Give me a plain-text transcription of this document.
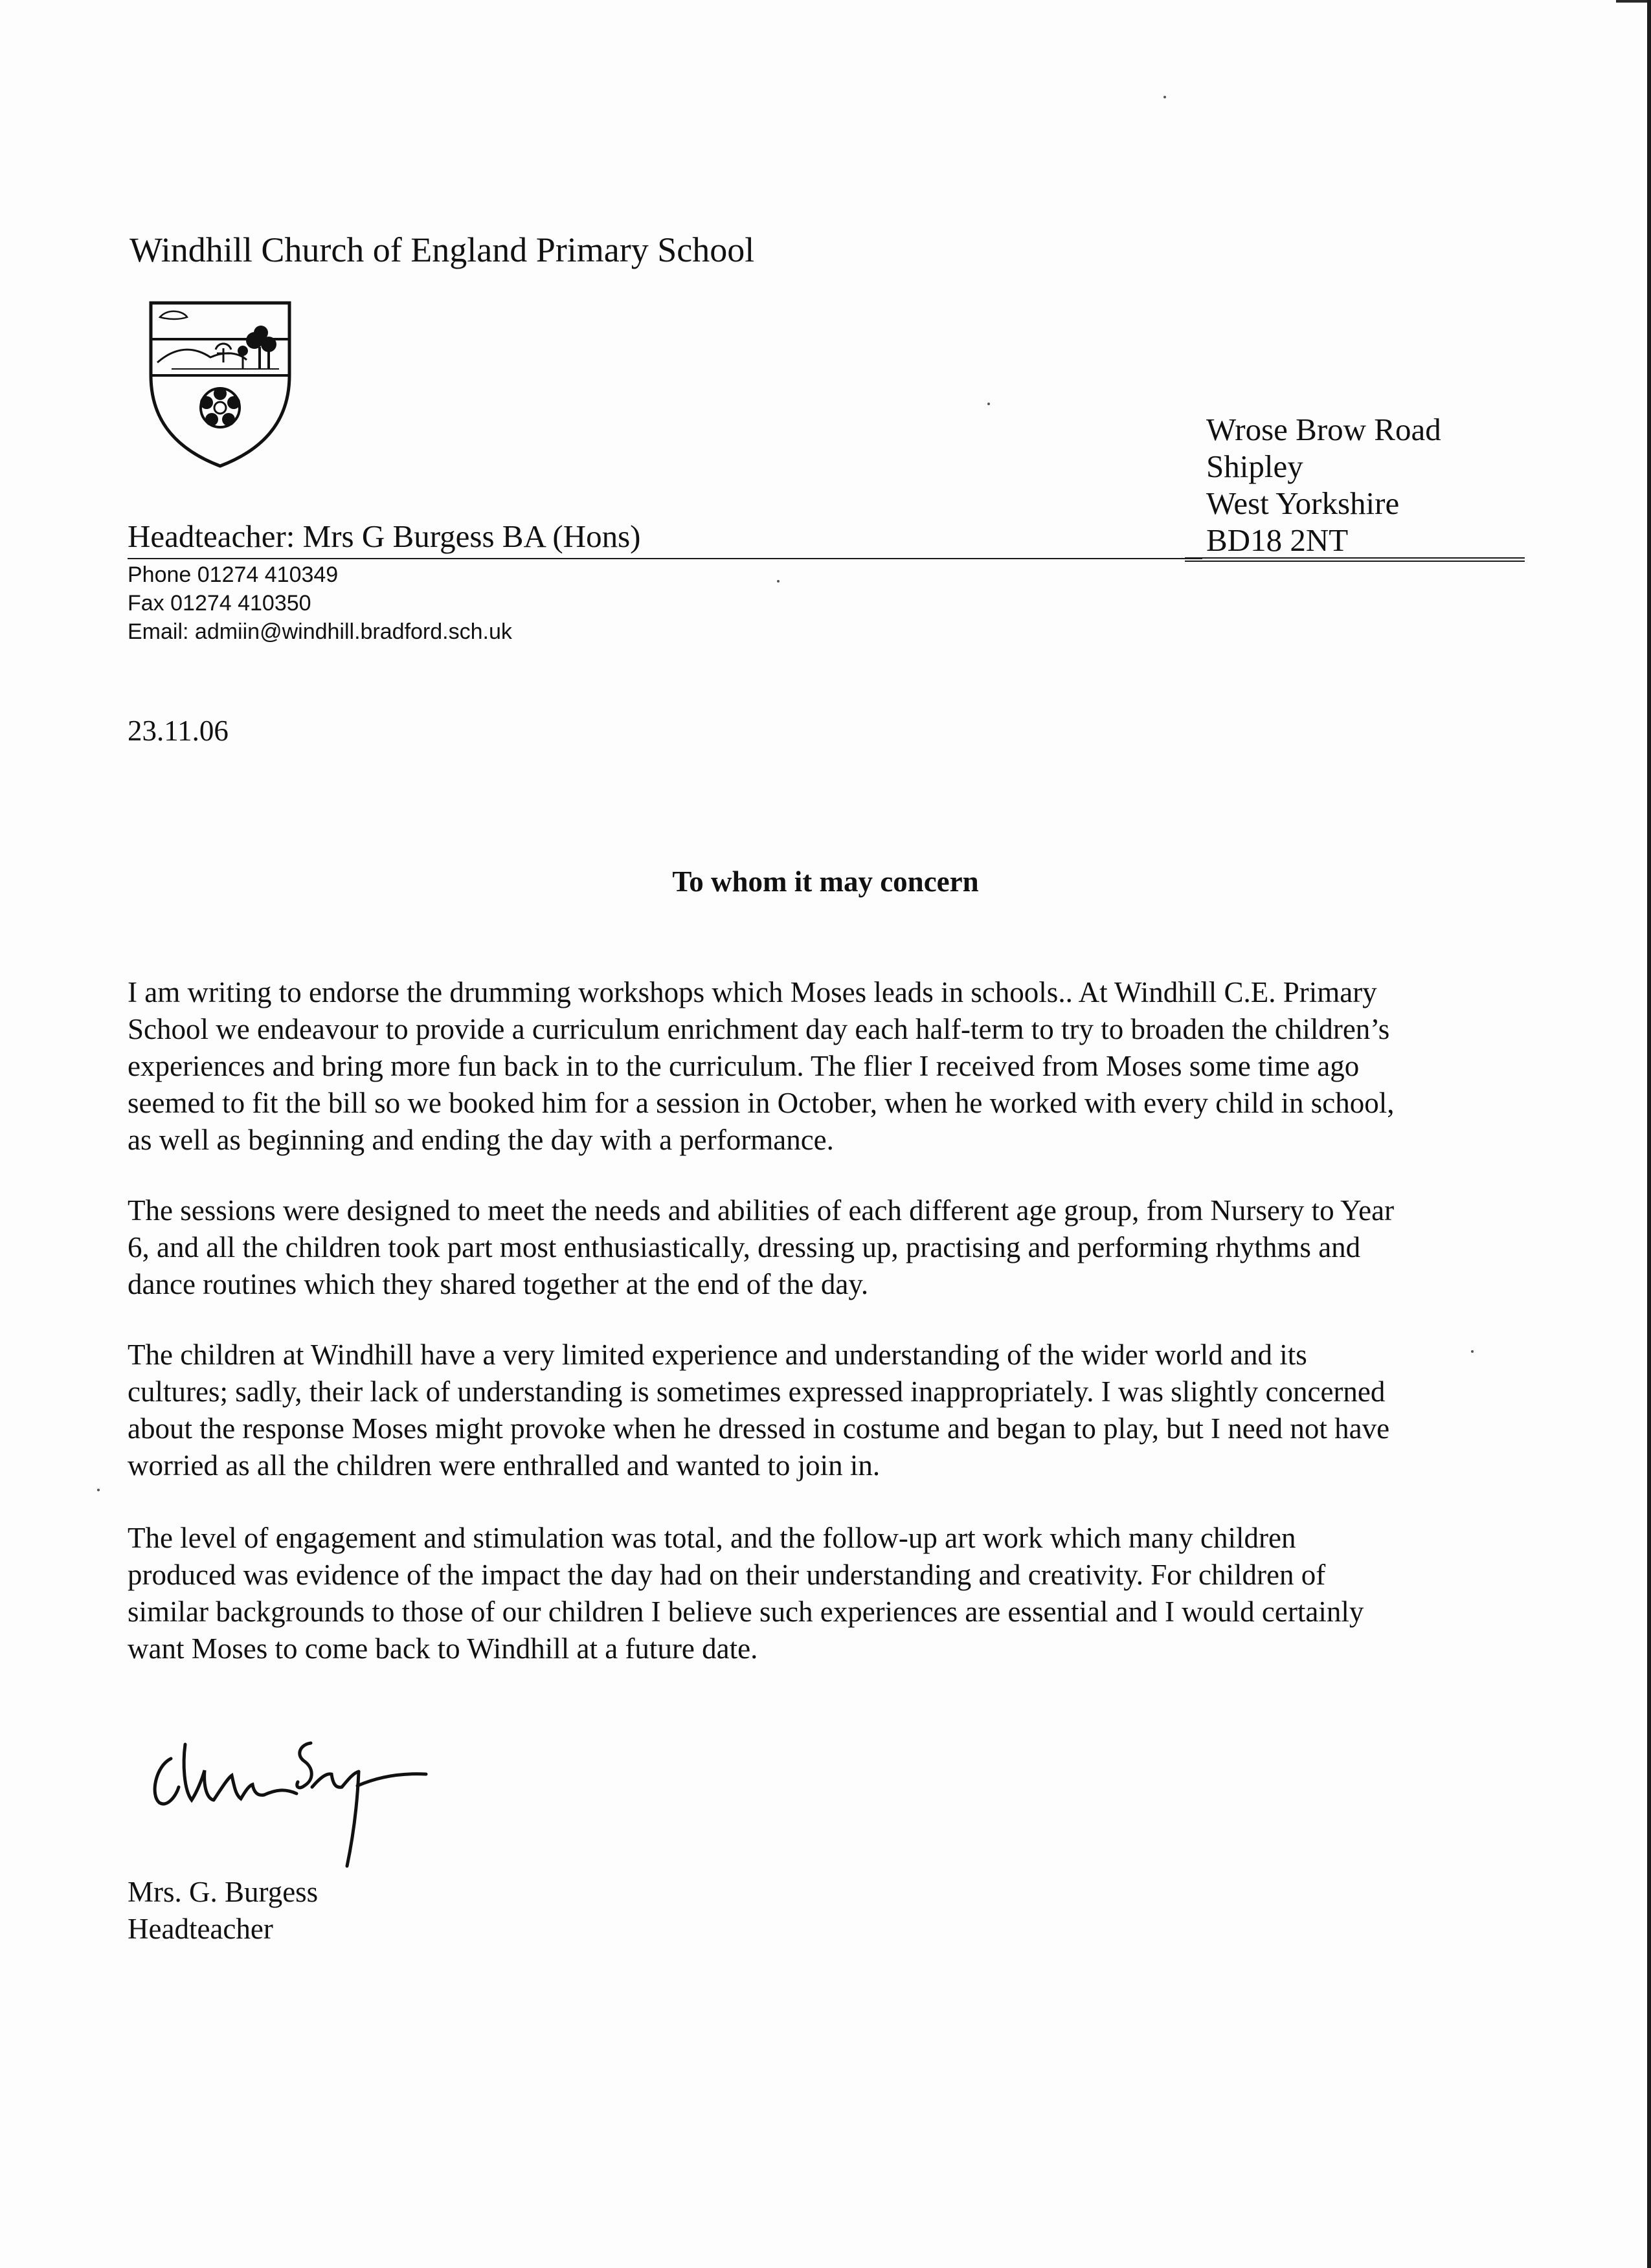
Windhill Church of England Primary School
Wrose Brow Road
Shipley
West Yorkshire
BD18 2NT
Headteacher: Mrs G Burgess BA (Hons)
Phone 01274 410349
Fax 01274 410350
Email: admiin@windhill.bradford.sch.uk
23.11.06
To whom it may concern
I am writing to endorse the drumming workshops which Moses leads in schools.. At Windhill C.E. Primary
School we endeavour to provide a curriculum enrichment day each half-term to try to broaden the children’s
experiences and bring more fun back in to the curriculum. The flier I received from Moses some time ago
seemed to fit the bill so we booked him for a session in October, when he worked with every child in school,
as well as beginning and ending the day with a performance.
The sessions were designed to meet the needs and abilities of each different age group, from Nursery to Year
6, and all the children took part most enthusiastically, dressing up, practising and performing rhythms and
dance routines which they shared together at the end of the day.
The children at Windhill have a very limited experience and understanding of the wider world and its
cultures; sadly, their lack of understanding is sometimes expressed inappropriately. I was slightly concerned
about the response Moses might provoke when he dressed in costume and began to play, but I need not have
worried as all the children were enthralled and wanted to join in.
The level of engagement and stimulation was total, and the follow-up art work which many children
produced was evidence of the impact the day had on their understanding and creativity. For children of
similar backgrounds to those of our children I believe such experiences are essential and I would certainly
want Moses to come back to Windhill at a future date.
Mrs. G. Burgess
Headteacher
